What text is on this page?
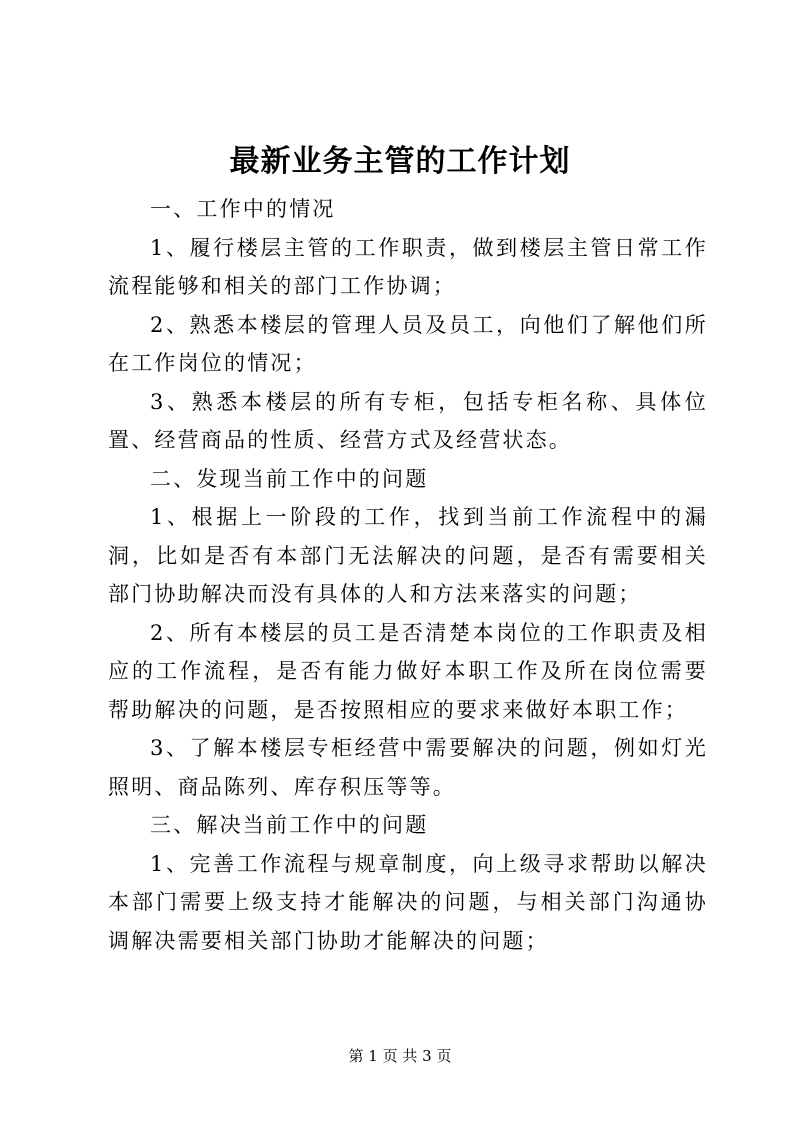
最新业务主管的工作计划

一、工作中的情况

1、履行楼层主管的工作职责，做到楼层主管日常工作流程能够和相关的部门工作协调；

2、熟悉本楼层的管理人员及员工，向他们了解他们所在工作岗位的情况；

3、熟悉本楼层的所有专柜，包括专柜名称、具体位置、经营商品的性质、经营方式及经营状态。

二、发现当前工作中的问题

1、根据上一阶段的工作，找到当前工作流程中的漏洞，比如是否有本部门无法解决的问题，是否有需要相关部门协助解决而没有具体的人和方法来落实的问题；

2、所有本楼层的员工是否清楚本岗位的工作职责及相应的工作流程，是否有能力做好本职工作及所在岗位需要帮助解决的问题，是否按照相应的要求来做好本职工作；

3、了解本楼层专柜经营中需要解决的问题，例如灯光照明、商品陈列、库存积压等等。

三、解决当前工作中的问题

1、完善工作流程与规章制度，向上级寻求帮助以解决本部门需要上级支持才能解决的问题，与相关部门沟通协调解决需要相关部门协助才能解决的问题；

第 1 页 共 3 页
